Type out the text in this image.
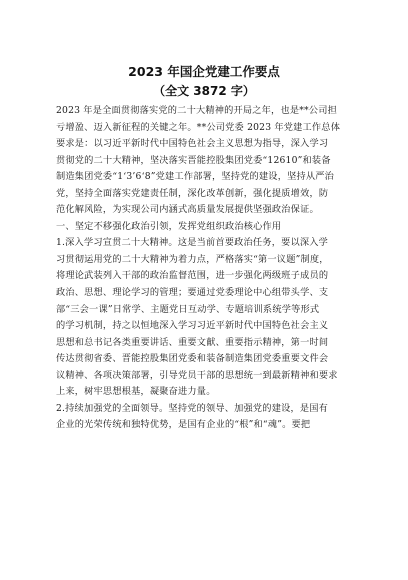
2023 年国企党建工作要点
（全文 3872 字）

2023 年是全面贯彻落实党的二十大精神的开局之年，也是**公司担

亏增盈、迈入新征程的关键之年。**公司党委 2023 年党建工作总体

要求是：以习近平新时代中国特色社会主义思想为指导，深入学习

贯彻党的二十大精神，坚决落实晋能控股集团党委“12610”和装备

制造集团党委“1‘3’6‘8”党建工作部署，坚持党的建设，坚持从严治

党，坚持全面落实党建责任制，深化改革创新，强化提质增效，防

范化解风险，为实现公司内涵式高质量发展提供坚强政治保证。

一、坚定不移强化政治引领，发挥党组织政治核心作用

1.深入学习宣贯二十大精神。这是当前首要政治任务，要以深入学

习贯彻运用党的二十大精神为着力点，严格落实“第一议题”制度，

将理论武装列入干部的政治监督范围，进一步强化两级班子成员的

政治、思想、理论学习的管理；要通过党委理论中心组带头学、支

部“三会一课”日常学、主题党日互动学、专题培训系统学等形式

的学习机制，持之以恒地深入学习习近平新时代中国特色社会主义

思想和总书记各类重要讲话、重要文献、重要指示精神，第一时间

传达贯彻省委、晋能控股集团党委和装备制造集团党委重要文件会

议精神、各项决策部署，引导党员干部的思想统一到最新精神和要求

上来，树牢思想根基，凝聚奋进力量。

2.持续加强党的全面领导。坚持党的领导、加强党的建设，是国有

企业的光荣传统和独特优势，是国有企业的“根”和“魂”。要把
